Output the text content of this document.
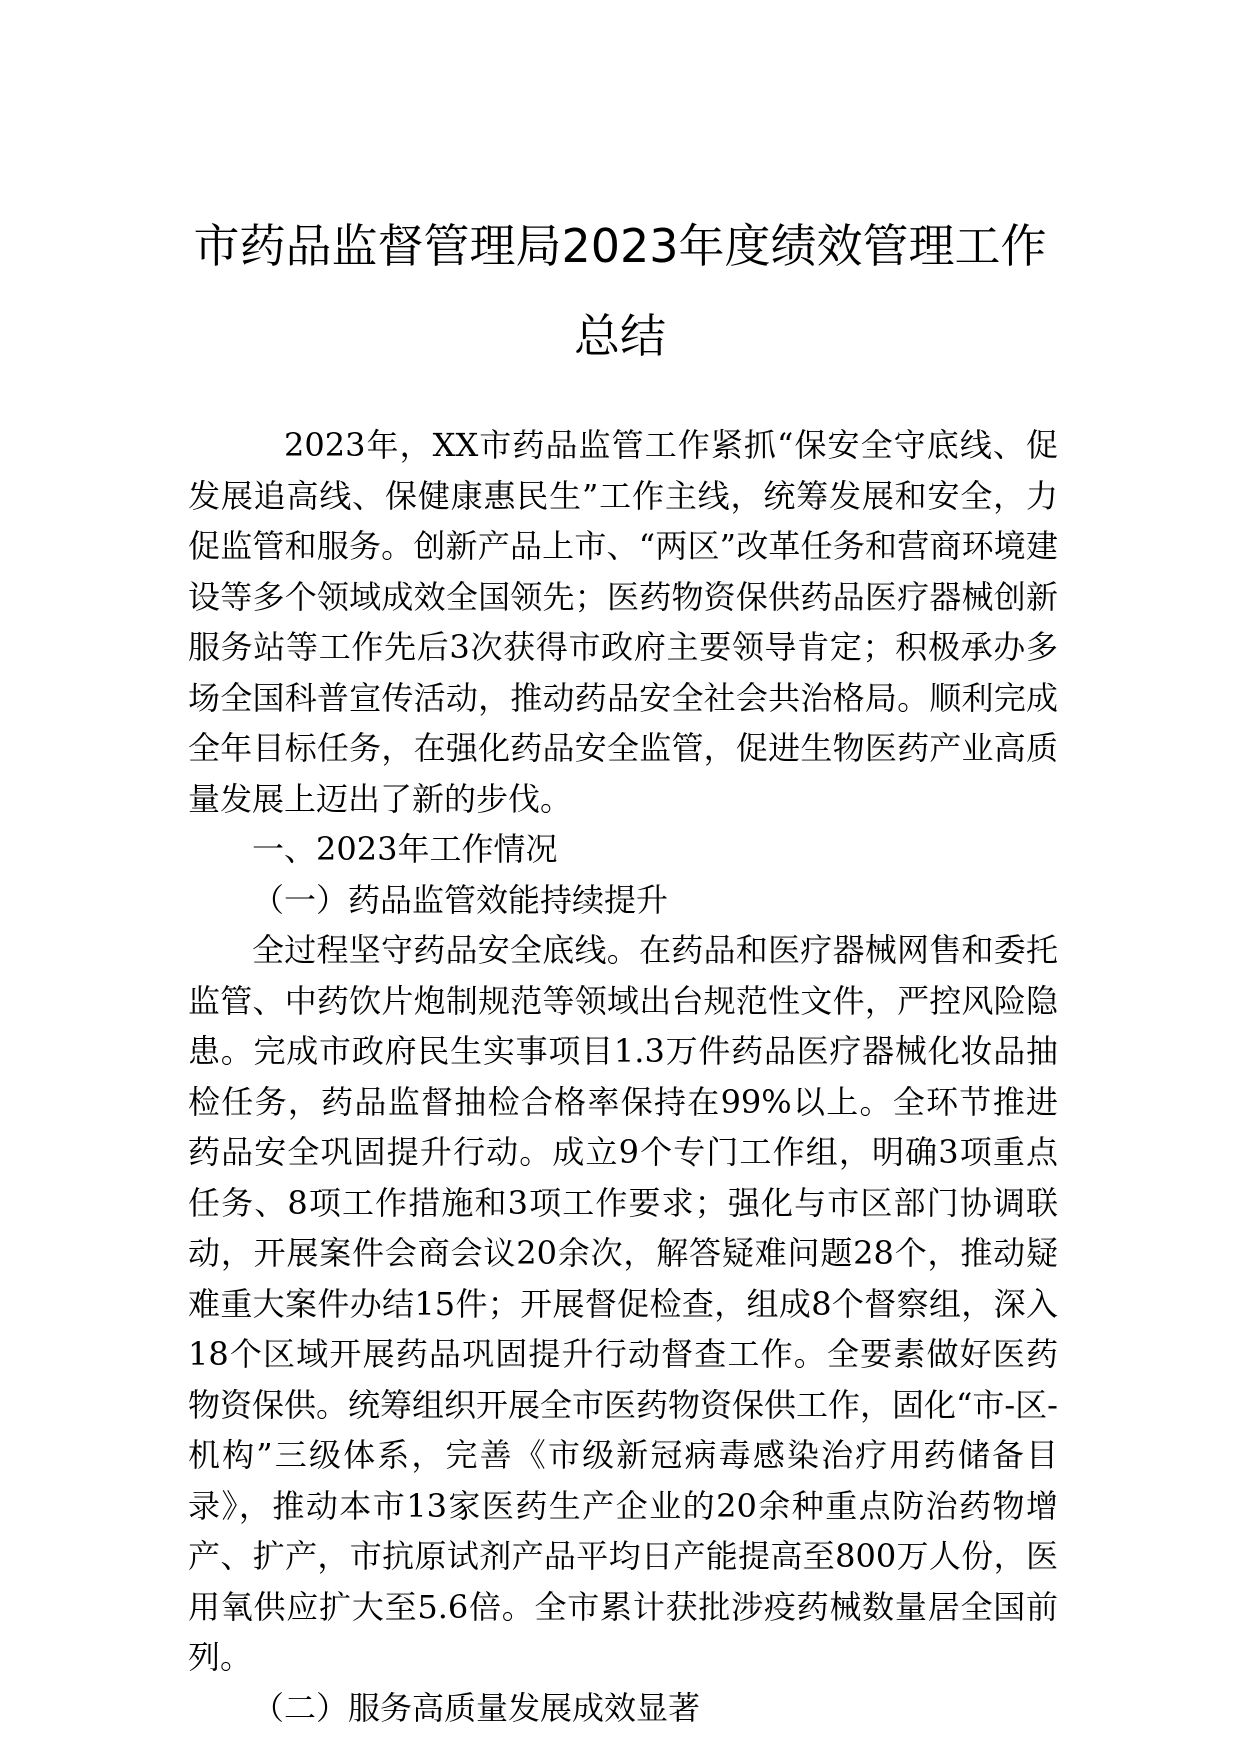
市药品监督管理局2023年度绩效管理工作
总结

2023年，XX市药品监管工作紧抓“保安全守底线、促发展追高线、保健康惠民生”工作主线，统筹发展和安全，力促监管和服务。创新产品上市、“两区”改革任务和营商环境建设等多个领域成效全国领先；医药物资保供药品医疗器械创新服务站等工作先后3次获得市政府主要领导肯定；积极承办多场全国科普宣传活动，推动药品安全社会共治格局。顺利完成全年目标任务，在强化药品安全监管，促进生物医药产业高质量发展上迈出了新的步伐。

一、2023年工作情况

（一）药品监管效能持续提升

全过程坚守药品安全底线。在药品和医疗器械网售和委托监管、中药饮片炮制规范等领域出台规范性文件，严控风险隐患。完成市政府民生实事项目1.3万件药品医疗器械化妆品抽检任务，药品监督抽检合格率保持在99%以上。全环节推进药品安全巩固提升行动。成立9个专门工作组，明确3项重点任务、8项工作措施和3项工作要求；强化与市区部门协调联动，开展案件会商会议20余次，解答疑难问题28个，推动疑难重大案件办结15件；开展督促检查，组成8个督察组，深入18个区域开展药品巩固提升行动督查工作。全要素做好医药物资保供。统筹组织开展全市医药物资保供工作，固化“市-区-机构”三级体系，完善《市级新冠病毒感染治疗用药储备目录》，推动本市13家医药生产企业的20余种重点防治药物增产、扩产，市抗原试剂产品平均日产能提高至800万人份，医用氧供应扩大至5.6倍。全市累计获批涉疫药械数量居全国前列。

（二）服务高质量发展成效显著
